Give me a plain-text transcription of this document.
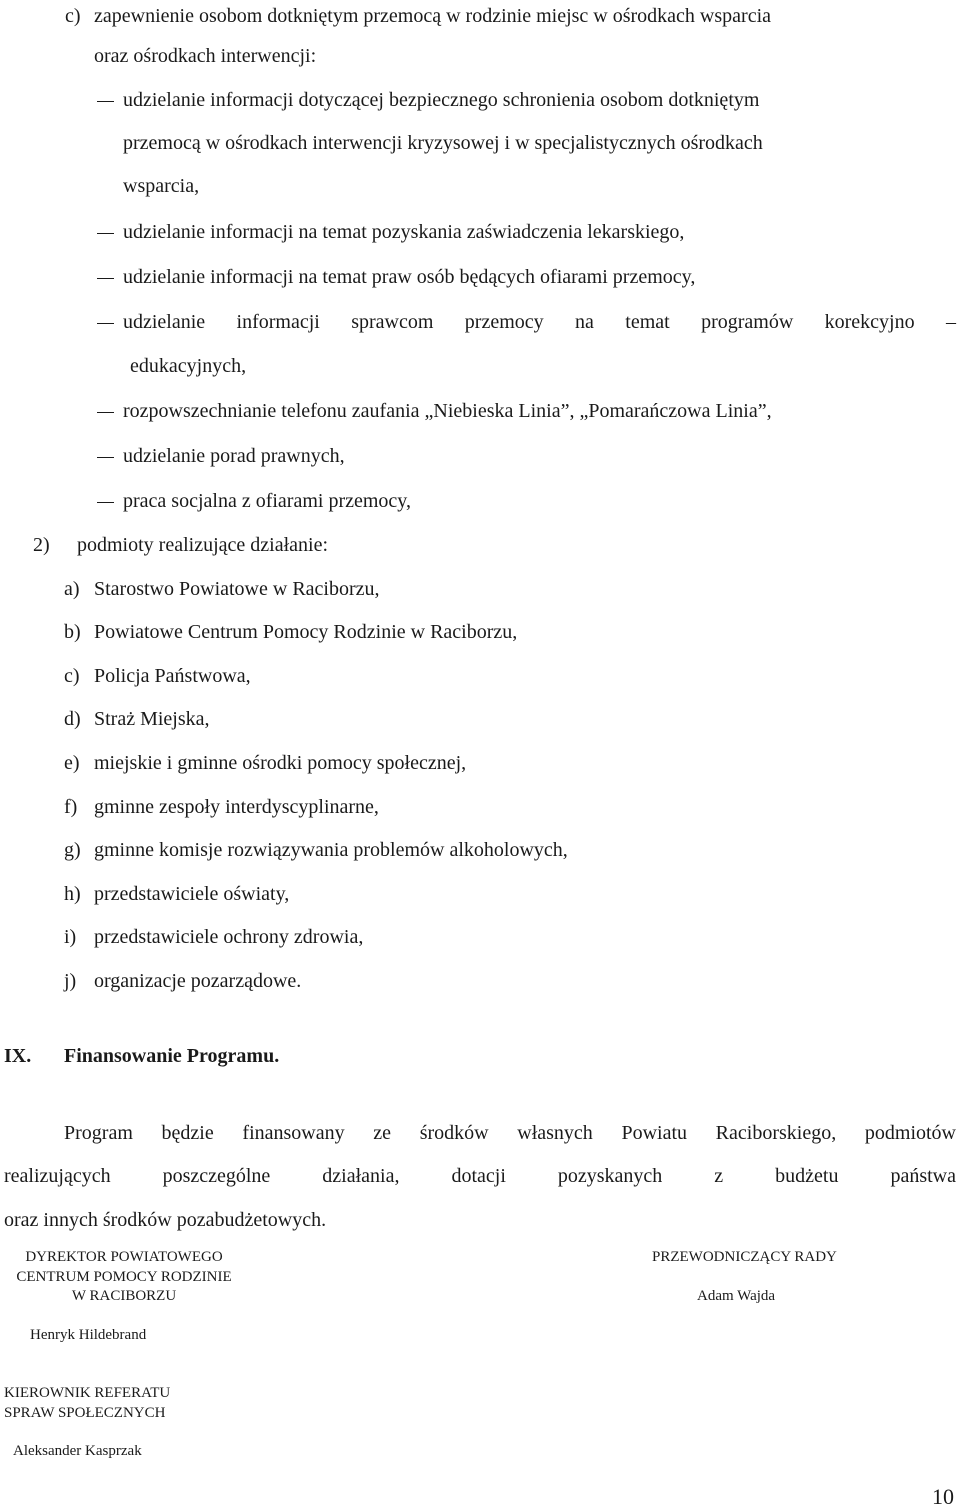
c) zapewnienie osobom dotkniętym przemocą w rodzinie miejsc w ośrodkach wsparcia
oraz ośrodkach interwencji:
udzielanie informacji dotyczącej bezpiecznego schronienia osobom dotkniętym
przemocą w ośrodkach interwencji kryzysowej i w specjalistycznych ośrodkach
wsparcia,
udzielanie informacji na temat pozyskania zaświadczenia lekarskiego,
udzielanie informacji na temat praw osób będących ofiarami przemocy,
udzielanie informacji sprawcom przemocy na temat programów korekcyjno –
edukacyjnych,
rozpowszechnianie telefonu zaufania „Niebieska Linia”, „Pomarańczowa Linia”,
udzielanie porad prawnych,
praca socjalna z ofiarami przemocy,
2) podmioty realizujące działanie:
a) Starostwo Powiatowe w Raciborzu,
b) Powiatowe Centrum Pomocy Rodzinie w Raciborzu,
c) Policja Państwowa,
d) Straż Miejska,
e) miejskie i gminne ośrodki pomocy społecznej,
f) gminne zespoły interdyscyplinarne,
g) gminne komisje rozwiązywania problemów alkoholowych,
h) przedstawiciele oświaty,
i) przedstawiciele ochrony zdrowia,
j) organizacje pozarządowe.
IX. Finansowanie Programu.
Program będzie finansowany ze środków własnych Powiatu Raciborskiego, podmiotów
realizujących poszczególne działania, dotacji pozyskanych z budżetu państwa
oraz innych środków pozabudżetowych.
DYREKTOR POWIATOWEGO
CENTRUM POMOCY RODZINIE
W RACIBORZU
Henryk Hildebrand
PRZEWODNICZĄCY RADY
Adam Wajda
KIEROWNIK REFERATU
SPRAW SPOŁECZNYCH
Aleksander Kasprzak
10
